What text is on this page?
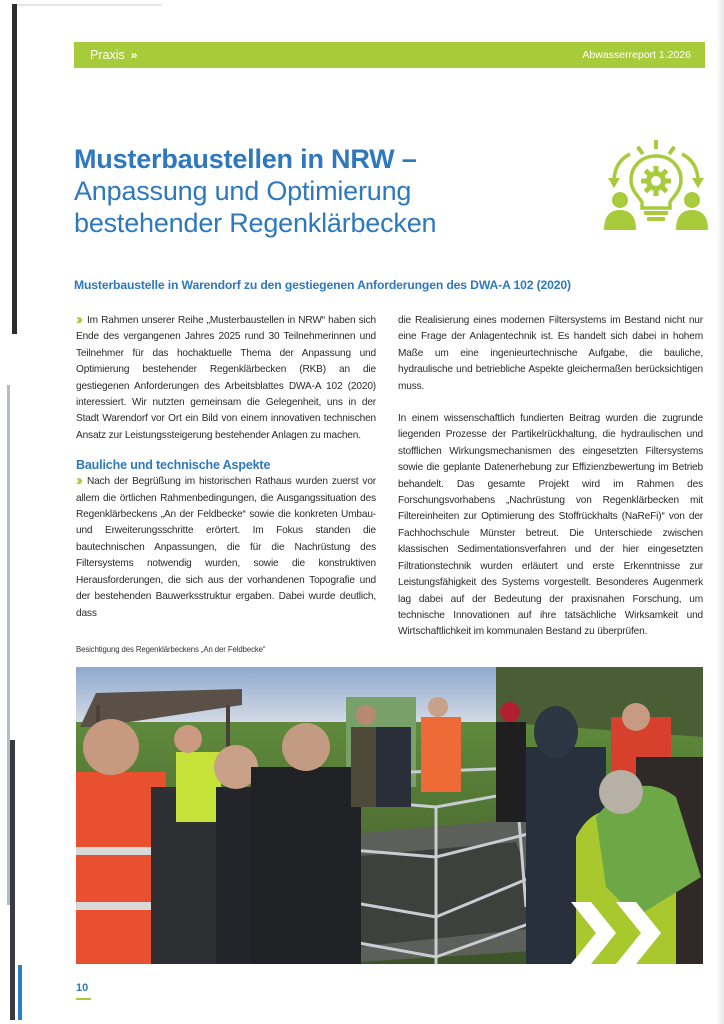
Praxis »	Abwasserreport 1.2026
Musterbaustellen in NRW –
Anpassung und Optimierung
bestehender Regenklärbecken
Musterbaustelle in Warendorf zu den gestiegenen Anforderungen des DWA-A 102 (2020)

›› Im Rahmen unserer Reihe „Musterbaustellen in NRW“ haben sich Ende des vergangenen Jahres 2025 rund 30 Teilnehmerinnen und Teilnehmer für das hochaktuelle Thema der Anpassung und Optimierung bestehender Regenklärbecken (RKB) an die gestiegenen Anforderungen des Arbeitsblattes DWA-A 102 (2020) interessiert. Wir nutzten gemeinsam die Gelegenheit, uns in der Stadt Warendorf vor Ort ein Bild von einem innovativen technischen Ansatz zur Leistungssteigerung bestehender Anlagen zu machen.

Bauliche und technische Aspekte

›› Nach der Begrüßung im historischen Rathaus wurden zuerst vor allem die örtlichen Rahmenbedingungen, die Ausgangssituation des Regenklärbeckens „An der Feldbecke“ sowie die konkreten Umbau- und Erweiterungsschritte erörtert. Im Fokus standen die bautechnischen Anpassungen, die für die Nachrüstung des Filtersystems notwendig wurden, sowie die konstruktiven Herausforderungen, die sich aus der vorhandenen Topografie und der bestehenden Bauwerksstruktur ergaben. Dabei wurde deutlich, dass

die Realisierung eines modernen Filtersystems im Bestand nicht nur eine Frage der Anlagentechnik ist. Es handelt sich dabei in hohem Maße um eine ingenieurtechnische Aufgabe, die bauliche, hydraulische und betriebliche Aspekte gleichermaßen berücksichtigen muss.

In einem wissenschaftlich fundierten Beitrag wurden die zugrunde liegenden Prozesse der Partikelrückhaltung, die hydraulischen und stofflichen Wirkungsmechanismen des eingesetzten Filtersystems sowie die geplante Datenerhebung zur Effizienzbewertung im Betrieb behandelt. Das gesamte Projekt wird im Rahmen des Forschungsvorhabens „Nachrüstung von Regenklärbecken mit Filtereinheiten zur Optimierung des Stoffrückhalts (NaReFi)“ von der Fachhochschule Münster betreut. Die Unterschiede zwischen klassischen Sedimentationsverfahren und der hier eingesetzten Filtrationstechnik wurden erläutert und erste Erkenntnisse zur Leistungsfähigkeit des Systems vorgestellt. Besonderes Augenmerk lag dabei auf der Bedeutung der praxisnahen Forschung, um technische Innovationen auf ihre tatsächliche Wirksamkeit und Wirtschaftlichkeit im kommunalen Bestand zu überprüfen.

Besichtigung des Regenklärbeckens „An der Feldbecke“
10
